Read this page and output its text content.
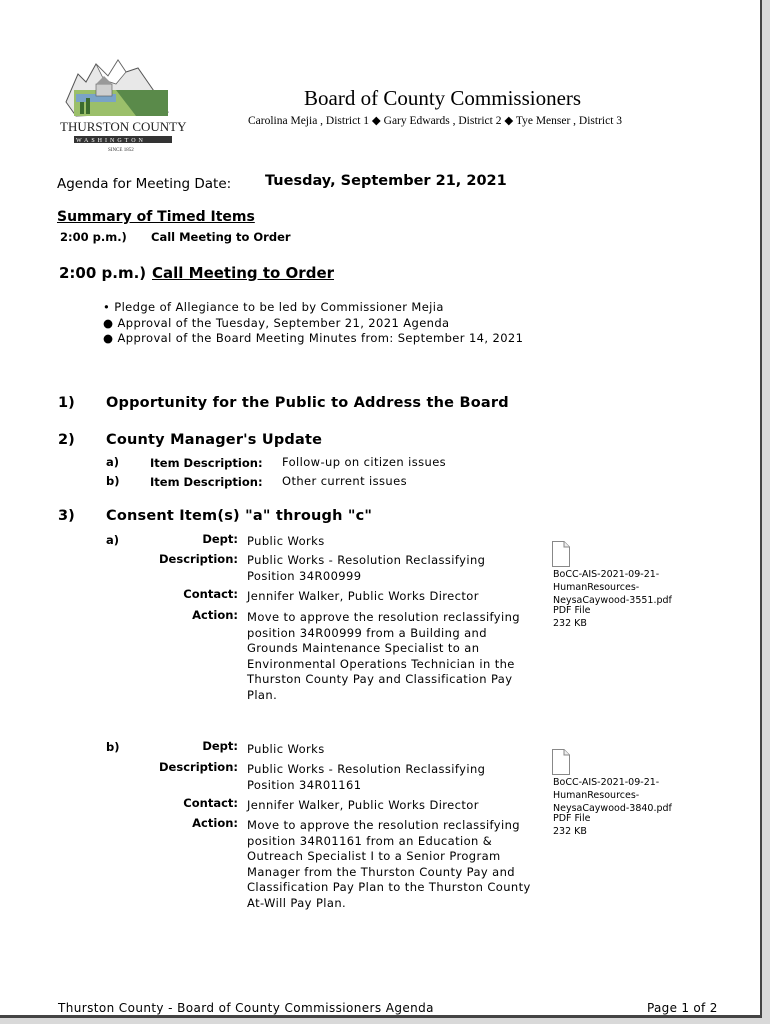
THURSTON COUNTY
WASHINGTON
SINCE 1852
Board of County Commissioners
Carolina Mejia , District 1 ◆ Gary Edwards , District 2 ◆ Tye Menser , District 3
Agenda for Meeting Date: Tuesday, September 21, 2021
Summary of Timed Items
2:00 p.m.) Call Meeting to Order
2:00 p.m.) Call Meeting to Order
• Pledge of Allegiance to be led by Commissioner Mejia
● Approval of the Tuesday, September 21, 2021 Agenda
● Approval of the Board Meeting Minutes from: September 14, 2021
1) Opportunity for the Public to Address the Board
2) County Manager's Update
a)	Item Description: Follow-up on citizen issues
b)	Item Description: Other current issues
3) Consent Item(s) "a" through "c"
a)	Dept: Public Works
Description: Public Works - Resolution Reclassifying Position 34R00999
Contact: Jennifer Walker, Public Works Director
Action: Move to approve the resolution reclassifying position 34R00999 from a Building and Grounds Maintenance Specialist to an Environmental Operations Technician in the Thurston County Pay and Classification Pay Plan.
BoCC-AIS-2021-09-21-
HumanResources-
NeysaCaywood-3551.pdf
PDF File
232 KB
b)	Dept: Public Works
Description: Public Works - Resolution Reclassifying Position 34R01161
Contact: Jennifer Walker, Public Works Director
Action: Move to approve the resolution reclassifying position 34R01161 from an Education & Outreach Specialist I to a Senior Program Manager from the Thurston County Pay and Classification Pay Plan to the Thurston County At-Will Pay Plan.
BoCC-AIS-2021-09-21-
HumanResources-
NeysaCaywood-3840.pdf
PDF File
232 KB
Thurston County - Board of County Commissioners Agenda	Page 1 of 2
